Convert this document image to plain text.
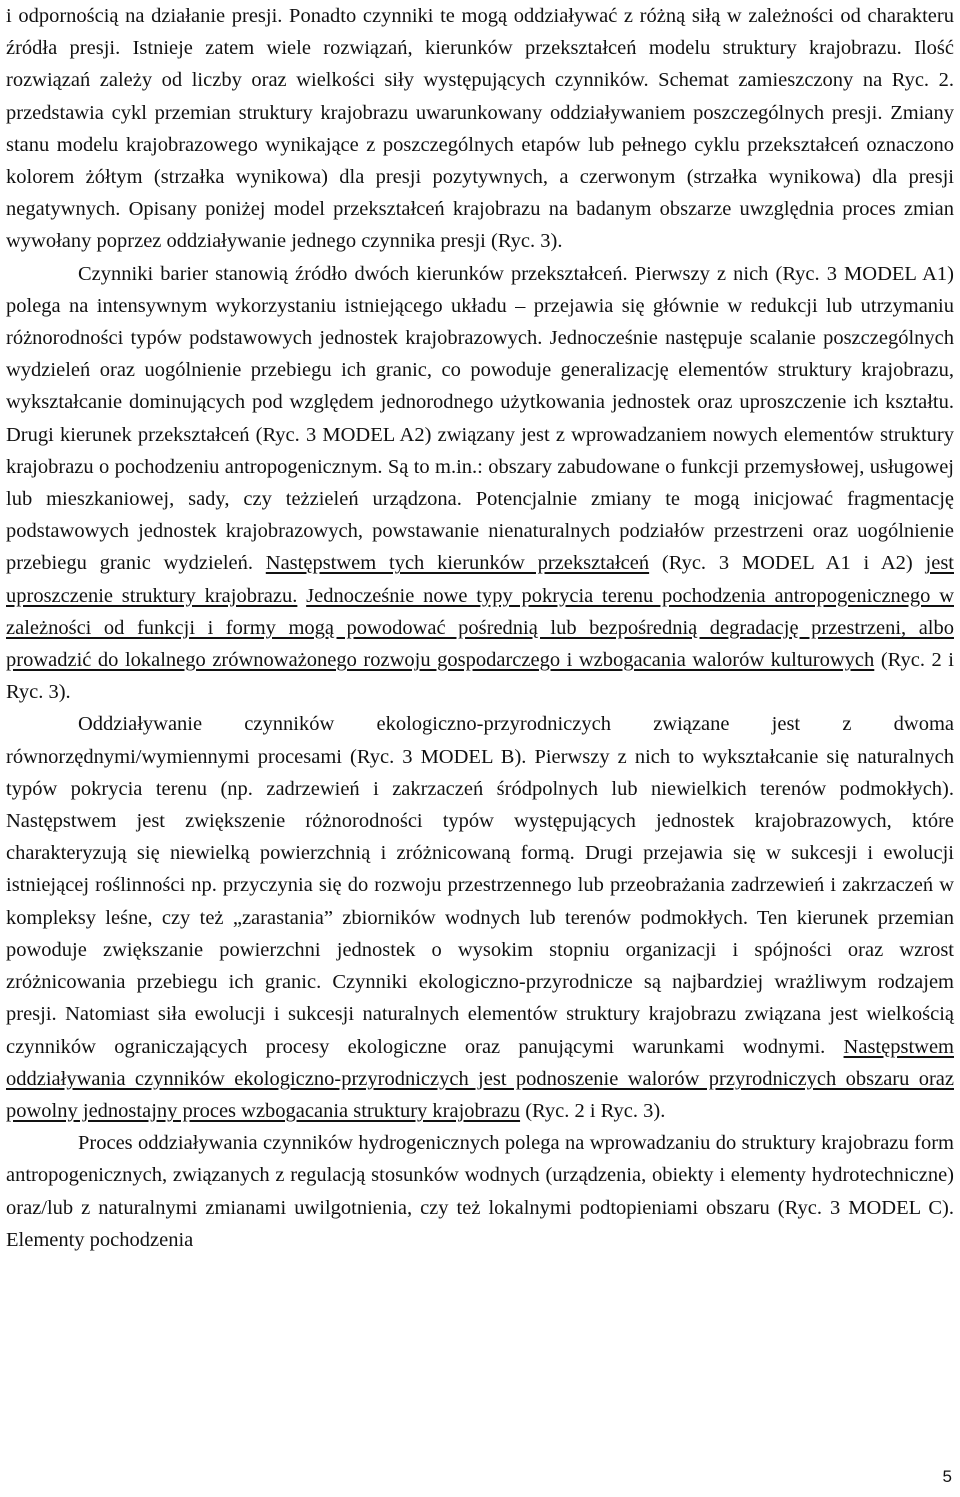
i odpornością na działanie presji. Ponadto czynniki te mogą oddziaływać z różną siłą w zależności od charakteru źródła presji. Istnieje zatem wiele rozwiązań, kierunków przekształceń modelu struktury krajobrazu. Ilość rozwiązań zależy od liczby oraz wielkości siły występujących czynników. Schemat zamieszczony na Ryc. 2. przedstawia cykl przemian struktury krajobrazu uwarunkowany oddziaływaniem poszczególnych presji. Zmiany stanu modelu krajobrazowego wynikające z poszczególnych etapów lub pełnego cyklu przekształceń oznaczono kolorem żółtym (strzałka wynikowa) dla presji pozytywnych, a czerwonym (strzałka wynikowa) dla presji negatywnych. Opisany poniżej model przekształceń krajobrazu na badanym obszarze uwzględnia proces zmian wywołany poprzez oddziaływanie jednego czynnika presji (Ryc. 3).

Czynniki barier stanowią źródło dwóch kierunków przekształceń. Pierwszy z nich (Ryc. 3 MODEL A1) polega na intensywnym wykorzystaniu istniejącego układu – przejawia się głównie w redukcji lub utrzymaniu różnorodności typów podstawowych jednostek krajobrazowych. Jednocześnie następuje scalanie poszczególnych wydzieleń oraz uogólnienie przebiegu ich granic, co powoduje generalizację elementów struktury krajobrazu, wykształcanie dominujących pod względem jednorodnego użytkowania jednostek oraz uproszczenie ich kształtu. Drugi kierunek przekształceń (Ryc. 3 MODEL A2) związany jest z wprowadzaniem nowych elementów struktury krajobrazu o pochodzeniu antropogenicznym. Są to m.in.: obszary zabudowane o funkcji przemysłowej, usługowej lub mieszkaniowej, sady, czy teżzieleń urządzona. Potencjalnie zmiany te mogą inicjować fragmentację podstawowych jednostek krajobrazowych, powstawanie nienaturalnych podziałów przestrzeni oraz uogólnienie przebiegu granic wydzieleń. Następstwem tych kierunków przekształceń (Ryc. 3 MODEL A1 i A2) jest uproszczenie struktury krajobrazu. Jednocześnie nowe typy pokrycia terenu pochodzenia antropogenicznego w zależności od funkcji i formy mogą powodować pośrednią lub bezpośrednią degradację przestrzeni, albo prowadzić do lokalnego zrównoważonego rozwoju gospodarczego i wzbogacania walorów kulturowych (Ryc. 2 i Ryc. 3).

Oddziaływanie czynników ekologiczno-przyrodniczych związane jest z dwoma równorzędnymi/wymiennymi procesami (Ryc. 3 MODEL B). Pierwszy z nich to wykształcanie się naturalnych typów pokrycia terenu (np. zadrzewień i zakrzaczeń śródpolnych lub niewielkich terenów podmokłych). Następstwem jest zwiększenie różnorodności typów występujących jednostek krajobrazowych, które charakteryzują się niewielką powierzchnią i zróżnicowaną formą. Drugi przejawia się w sukcesji i ewolucji istniejącej roślinności np. przyczynia się do rozwoju przestrzennego lub przeobrażania zadrzewień i zakrzaczeń w kompleksy leśne, czy też „zarastania” zbiorników wodnych lub terenów podmokłych. Ten kierunek przemian powoduje zwiększanie powierzchni jednostek o wysokim stopniu organizacji i spójności oraz wzrost zróżnicowania przebiegu ich granic. Czynniki ekologiczno-przyrodnicze są najbardziej wrażliwym rodzajem presji. Natomiast siła ewolucji i sukcesji naturalnych elementów struktury krajobrazu związana jest wielkością czynników ograniczających procesy ekologiczne oraz panującymi warunkami wodnymi. Następstwem oddziaływania czynników ekologiczno-przyrodniczych jest podnoszenie walorów przyrodniczych obszaru oraz powolny jednostajny proces wzbogacania struktury krajobrazu (Ryc. 2 i Ryc. 3).

Proces oddziaływania czynników hydrogenicznych polega na wprowadzaniu do struktury krajobrazu form antropogenicznych, związanych z regulacją stosunków wodnych (urządzenia, obiekty i elementy hydrotechniczne) oraz/lub z naturalnymi zmianami uwilgotnienia, czy też lokalnymi podtopieniami obszaru (Ryc. 3 MODEL C). Elementy pochodzenia

5
